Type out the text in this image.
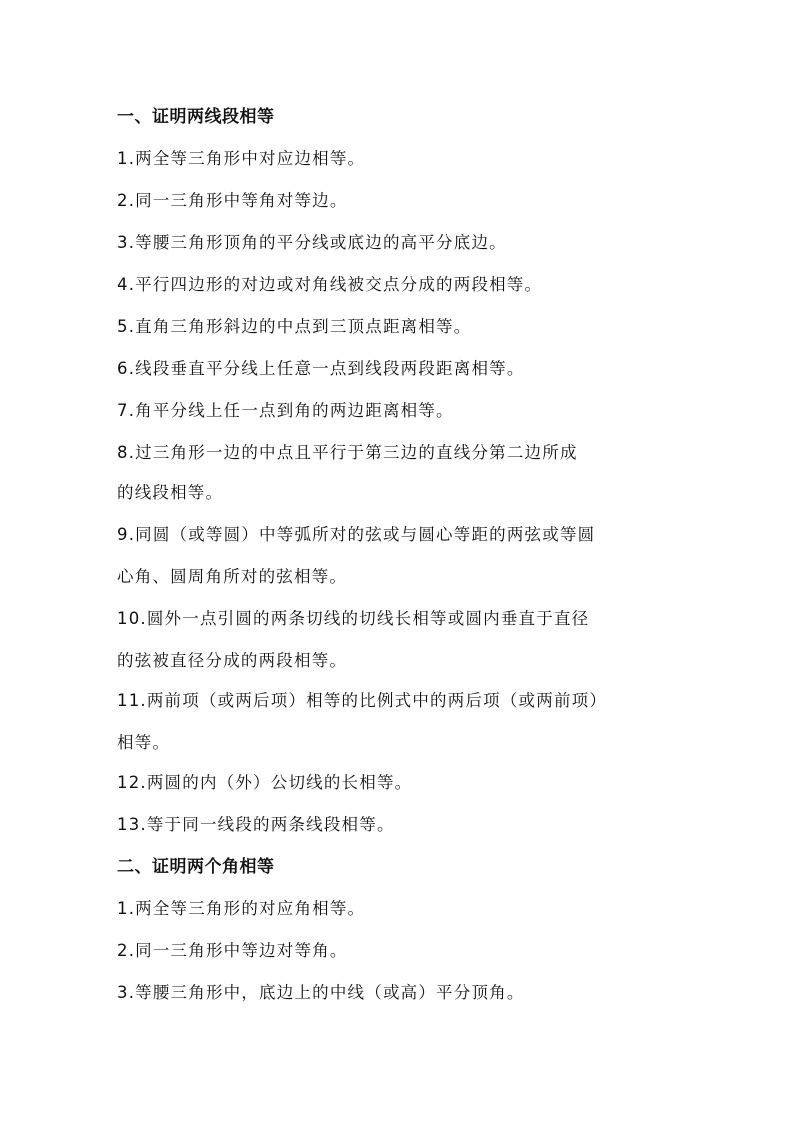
一、证明两线段相等
1.两全等三角形中对应边相等。
2.同一三角形中等角对等边。
3.等腰三角形顶角的平分线或底边的高平分底边。
4.平行四边形的对边或对角线被交点分成的两段相等。
5.直角三角形斜边的中点到三顶点距离相等。
6.线段垂直平分线上任意一点到线段两段距离相等。
7.角平分线上任一点到角的两边距离相等。
8.过三角形一边的中点且平行于第三边的直线分第二边所成
的线段相等。
9.同圆（或等圆）中等弧所对的弦或与圆心等距的两弦或等圆
心角、圆周角所对的弦相等。
10.圆外一点引圆的两条切线的切线长相等或圆内垂直于直径
的弦被直径分成的两段相等。
11.两前项（或两后项）相等的比例式中的两后项（或两前项）
相等。
12.两圆的内（外）公切线的长相等。
13.等于同一线段的两条线段相等。
二、证明两个角相等
1.两全等三角形的对应角相等。
2.同一三角形中等边对等角。
3.等腰三角形中，底边上的中线（或高）平分顶角。
